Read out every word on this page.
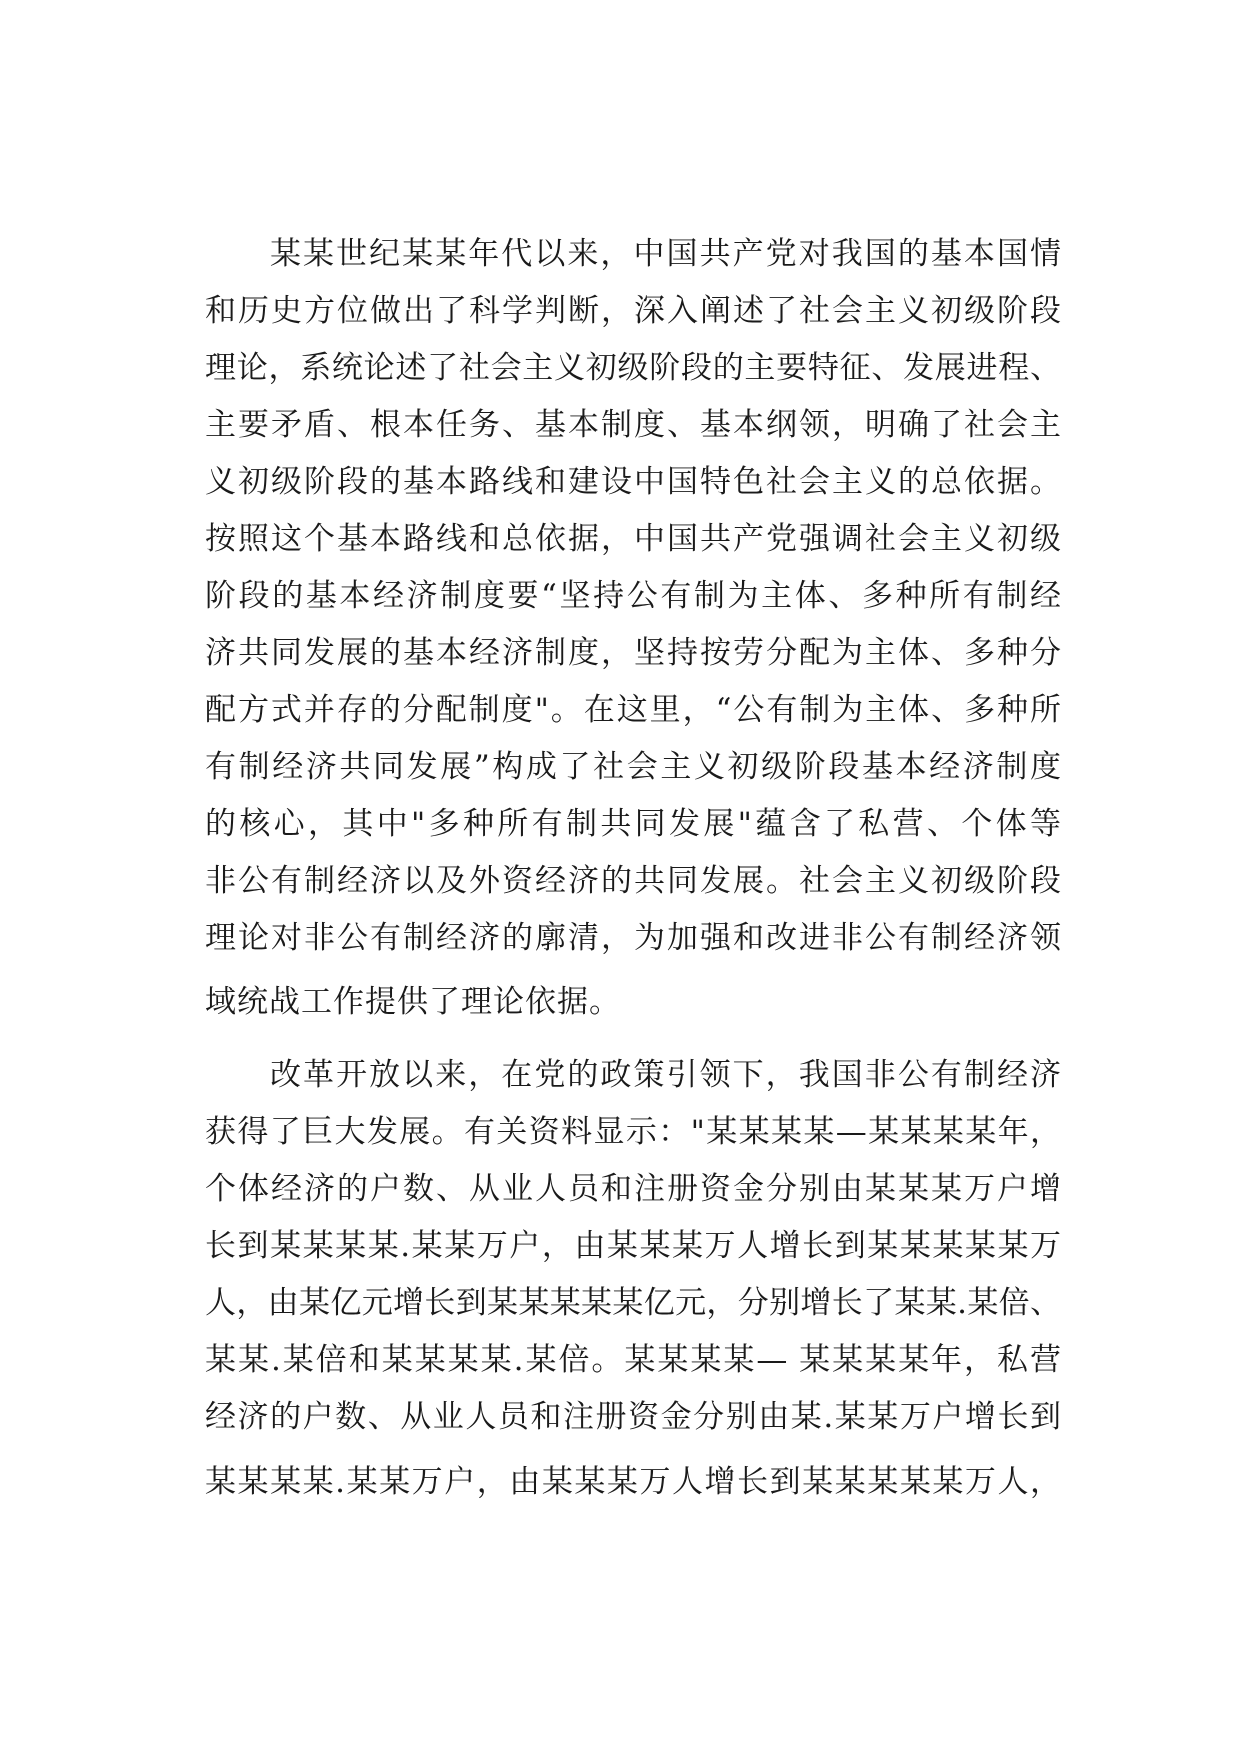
某某世纪某某年代以来，中国共产党对我国的基本国情
和历史方位做出了科学判断，深入阐述了社会主义初级阶段
理论，系统论述了社会主义初级阶段的主要特征、发展进程、
主要矛盾、根本任务、基本制度、基本纲领，明确了社会主
义初级阶段的基本路线和建设中国特色社会主义的总依据。
按照这个基本路线和总依据，中国共产党强调社会主义初级
阶段的基本经济制度要“坚持公有制为主体、多种所有制经
济共同发展的基本经济制度，坚持按劳分配为主体、多种分
配方式并存的分配制度"。在这里，“公有制为主体、多种所
有制经济共同发展”构成了社会主义初级阶段基本经济制度
的核心，其中"多种所有制共同发展"蕴含了私营、个体等
非公有制经济以及外资经济的共同发展。社会主义初级阶段
理论对非公有制经济的廓清，为加强和改进非公有制经济领
域统战工作提供了理论依据。
改革开放以来，在党的政策引领下，我国非公有制经济
获得了巨大发展。有关资料显示："某某某某—某某某某年，
个体经济的户数、从业人员和注册资金分别由某某某万户增
长到某某某某.某某万户，由某某某万人增长到某某某某某万
人，由某亿元增长到某某某某某亿元，分别增长了某某.某倍、
某某.某倍和某某某某.某倍。某某某某— 某某某某年，私营
经济的户数、从业人员和注册资金分别由某.某某万户增长到
某某某某.某某万户，由某某某万人增长到某某某某某万人，
